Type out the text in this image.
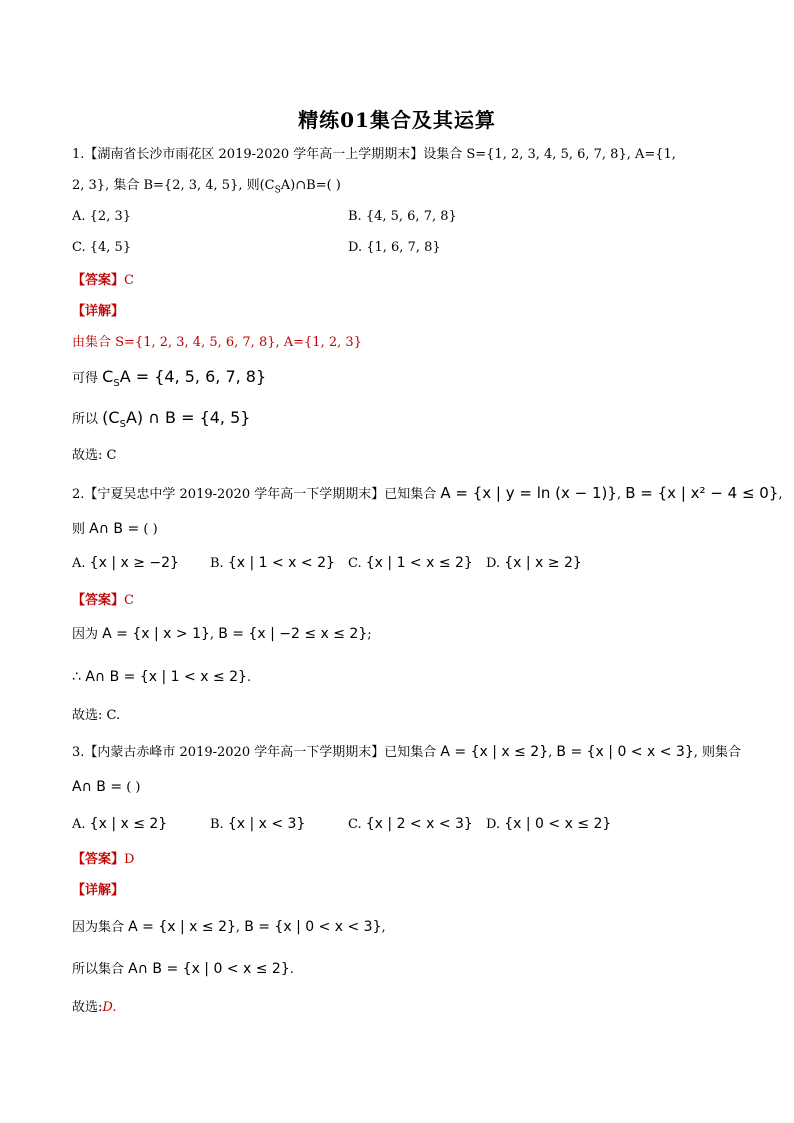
精练01集合及其运算
1.【湖南省长沙市雨花区 2019-2020 学年高一上学期期末】设集合 S={1, 2, 3, 4, 5, 6, 7, 8}, A={1,
2, 3}, 集合 B={2, 3, 4, 5}, 则$(C_SA)\cap B=$( )
A. {2, 3}	B. {4, 5, 6, 7, 8}
C. {4, 5}	D. {1, 6, 7, 8}
【答案】C
【详解】
由集合 S={1, 2, 3, 4, 5, 6, 7, 8}, A={1, 2, 3}
可得 $C_SA = \{4$, 5, 6, 7, 8}
所以 $(C_SA)$ ∩ B = {4, 5}
故选: C
2.【宁夏吴忠中学 2019-2020 学年高一下学期期末】已知集合 A = {x | y = ln (x − 1)}, B = {x | x² − 4 ≤ 0},
则 A∩ B = ( )
A. {x | x ≥ −2} B. {x | 1 < x < 2} C. {x | 1 < x ≤ 2} D. {x | x ≥ 2}
【答案】C
因为 A = {x | x > 1}, B = {x | −2 ≤ x ≤ 2};
∴ A∩ B = {x | 1 < x ≤ 2}.
故选: C.
3.【内蒙古赤峰市 2019-2020 学年高一下学期期末】已知集合 A = {x | x ≤ 2}, B = {x | 0 < x < 3}, 则集合
A∩ B = ( )
A. {x | x ≤ 2}	B. {x | x < 3}	C. {x | 2 < x < 3} D. {x | 0 < x ≤ 2}
【答案】D
【详解】
因为集合 A = {x | x ≤ 2}, B = {x | 0 < x < 3},
所以集合 A∩ B = {x | 0 < x ≤ 2}.
故选:D.
